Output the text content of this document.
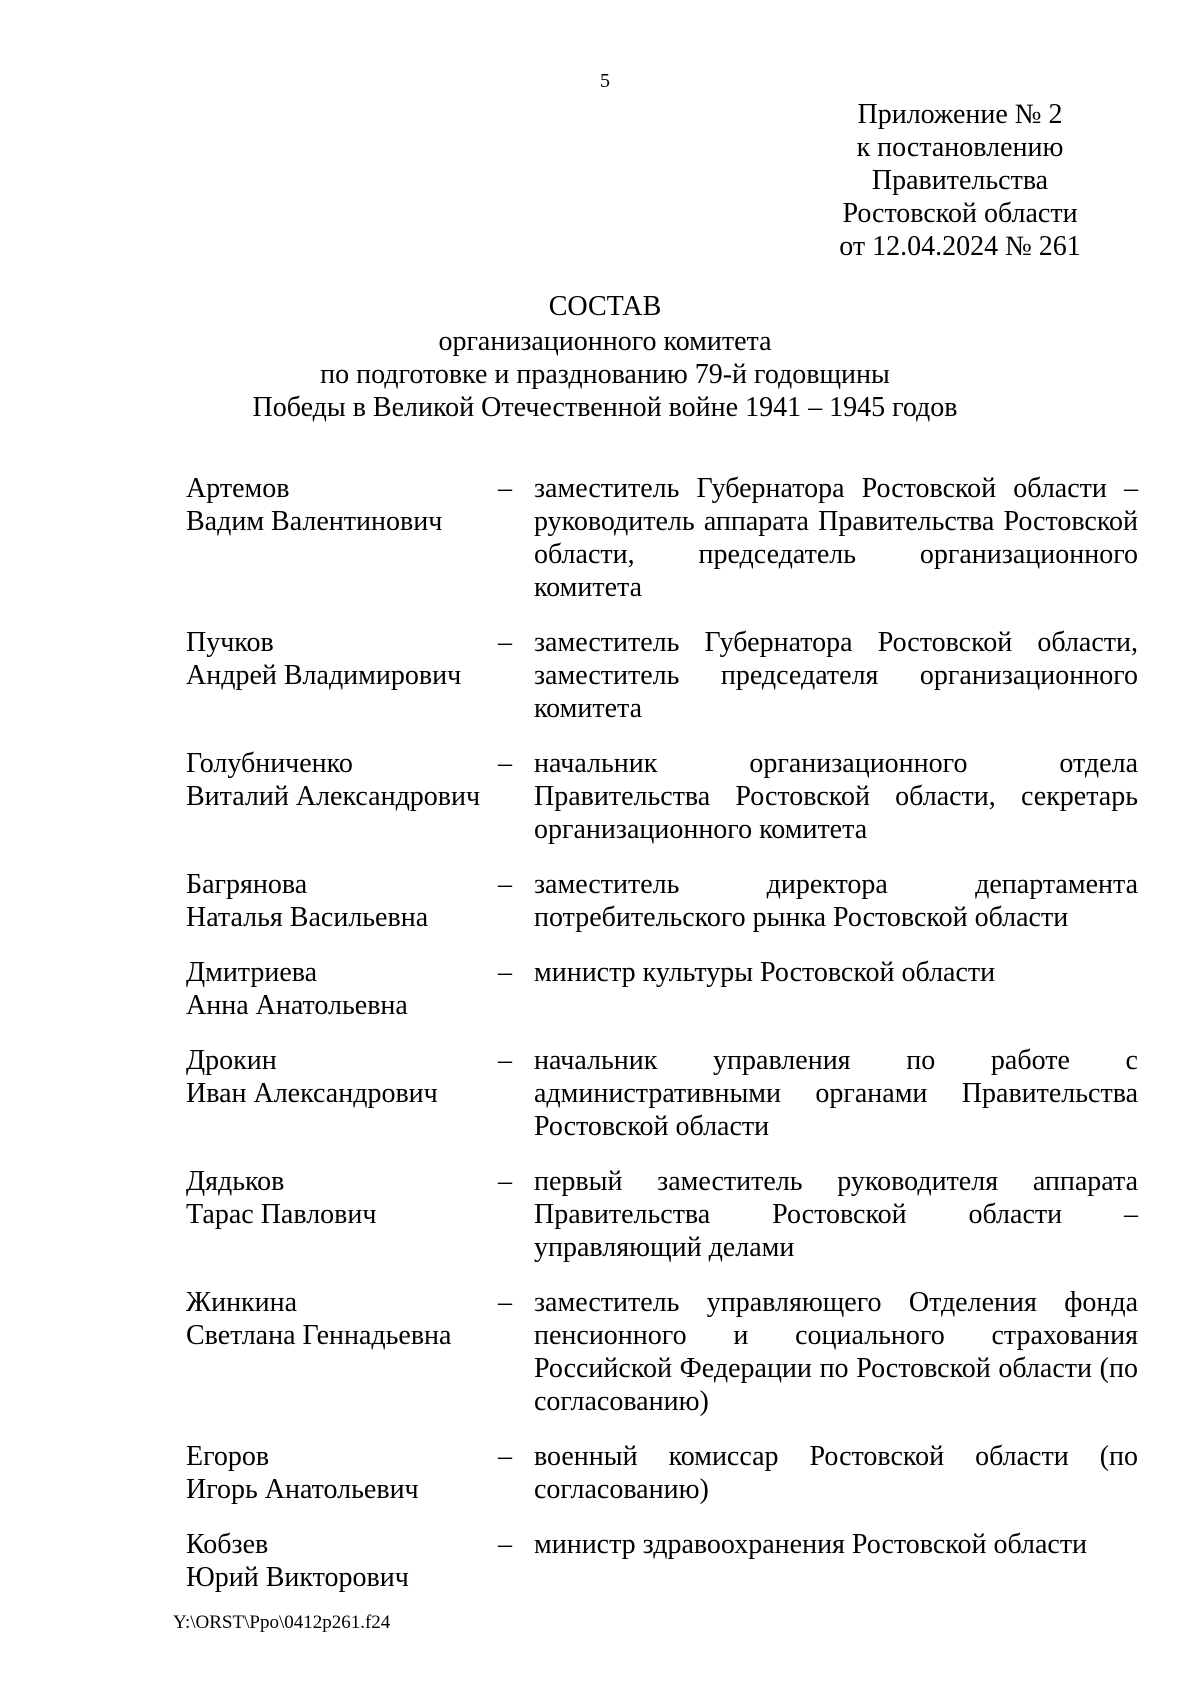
5
Приложение № 2
к постановлению
Правительства
Ростовской области
от 12.04.2024 № 261
СОСТАВ
организационного комитета
по подготовке и празднованию 79-й годовщины
Победы в Великой Отечественной войне 1941 – 1945 годов
Артемов
Вадим Валентинович
– заместитель Губернатора Ростовской области – руководитель аппарата Правительства Ростовской области, председатель организационного комитета
Пучков
Андрей Владимирович
– заместитель Губернатора Ростовской области, заместитель председателя организационного комитета
Голубниченко
Виталий Александрович
– начальник организационного отдела Правительства Ростовской области, секретарь организационного комитета
Багрянова
Наталья Васильевна
– заместитель директора департамента потребительского рынка Ростовской области
Дмитриева
Анна Анатольевна
– министр культуры Ростовской области
Дрокин
Иван Александрович
– начальник управления по работе с административными органами Правительства Ростовской области
Дядьков
Тарас Павлович
– первый заместитель руководителя аппарата Правительства Ростовской области – управляющий делами
Жинкина
Светлана Геннадьевна
– заместитель управляющего Отделения фонда пенсионного и социального страхования Российской Федерации по Ростовской области (по согласованию)
Егоров
Игорь Анатольевич
– военный комиссар Ростовской области (по согласованию)
Кобзев
Юрий Викторович
– министр здравоохранения Ростовской области
Y:\ORST\Ppo\0412p261.f24
